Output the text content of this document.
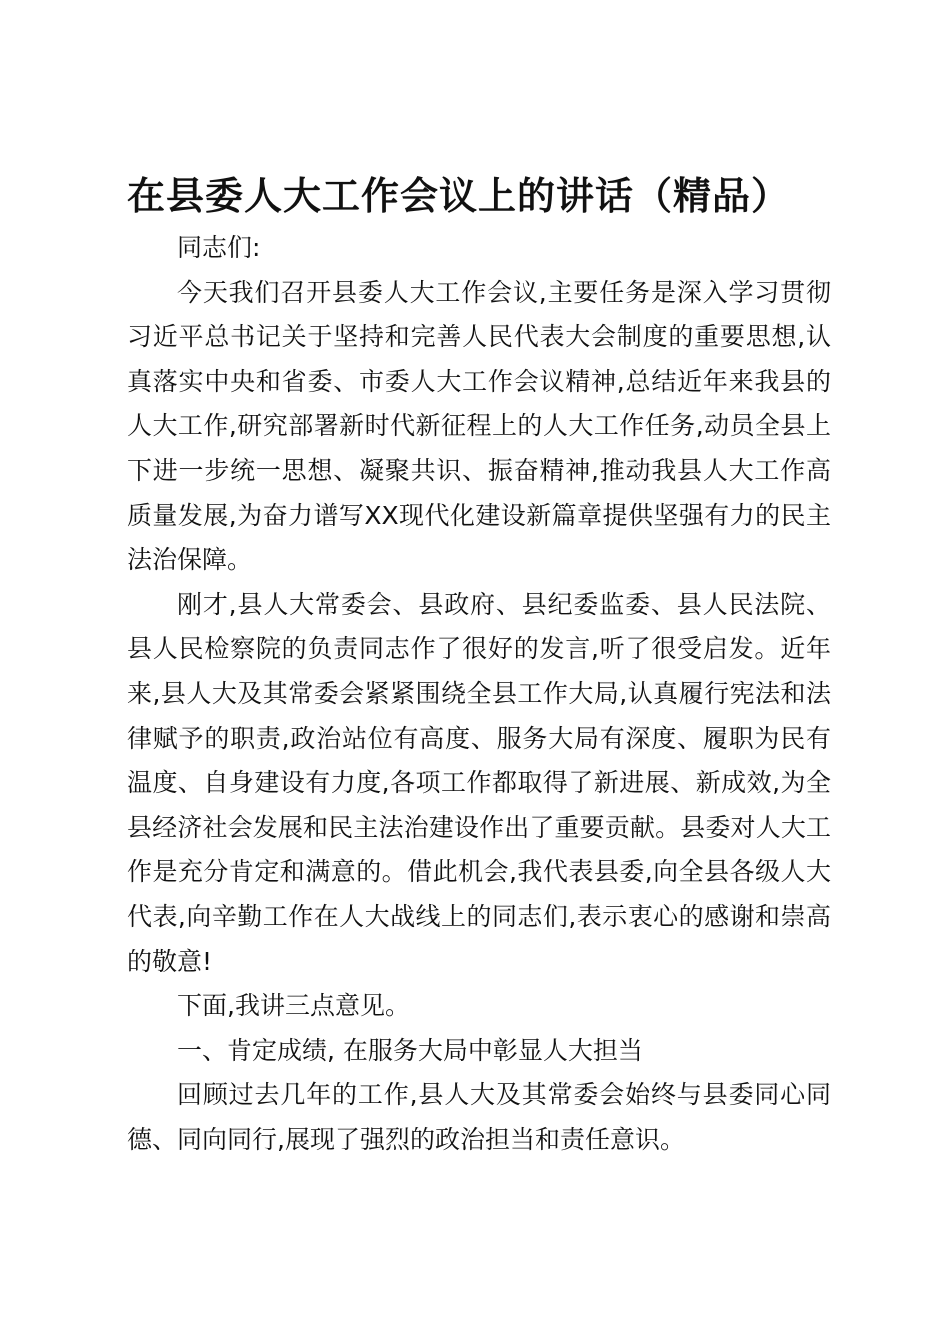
在县委人大工作会议上的讲话（精品）

同志们:

今天我们召开县委人大工作会议,主要任务是深入学习贯彻习近平总书记关于坚持和完善人民代表大会制度的重要思想,认真落实中央和省委、市委人大工作会议精神,总结近年来我县的人大工作,研究部署新时代新征程上的人大工作任务,动员全县上下进一步统一思想、凝聚共识、振奋精神,推动我县人大工作高质量发展,为奋力谱写XX现代化建设新篇章提供坚强有力的民主法治保障。

刚才,县人大常委会、县政府、县纪委监委、县人民法院、县人民检察院的负责同志作了很好的发言,听了很受启发。近年来,县人大及其常委会紧紧围绕全县工作大局,认真履行宪法和法律赋予的职责,政治站位有高度、服务大局有深度、履职为民有温度、自身建设有力度,各项工作都取得了新进展、新成效,为全县经济社会发展和民主法治建设作出了重要贡献。县委对人大工作是充分肯定和满意的。借此机会,我代表县委,向全县各级人大代表,向辛勤工作在人大战线上的同志们,表示衷心的感谢和崇高的敬意!

下面,我讲三点意见。

一、肯定成绩, 在服务大局中彰显人大担当

回顾过去几年的工作,县人大及其常委会始终与县委同心同德、同向同行,展现了强烈的政治担当和责任意识。
